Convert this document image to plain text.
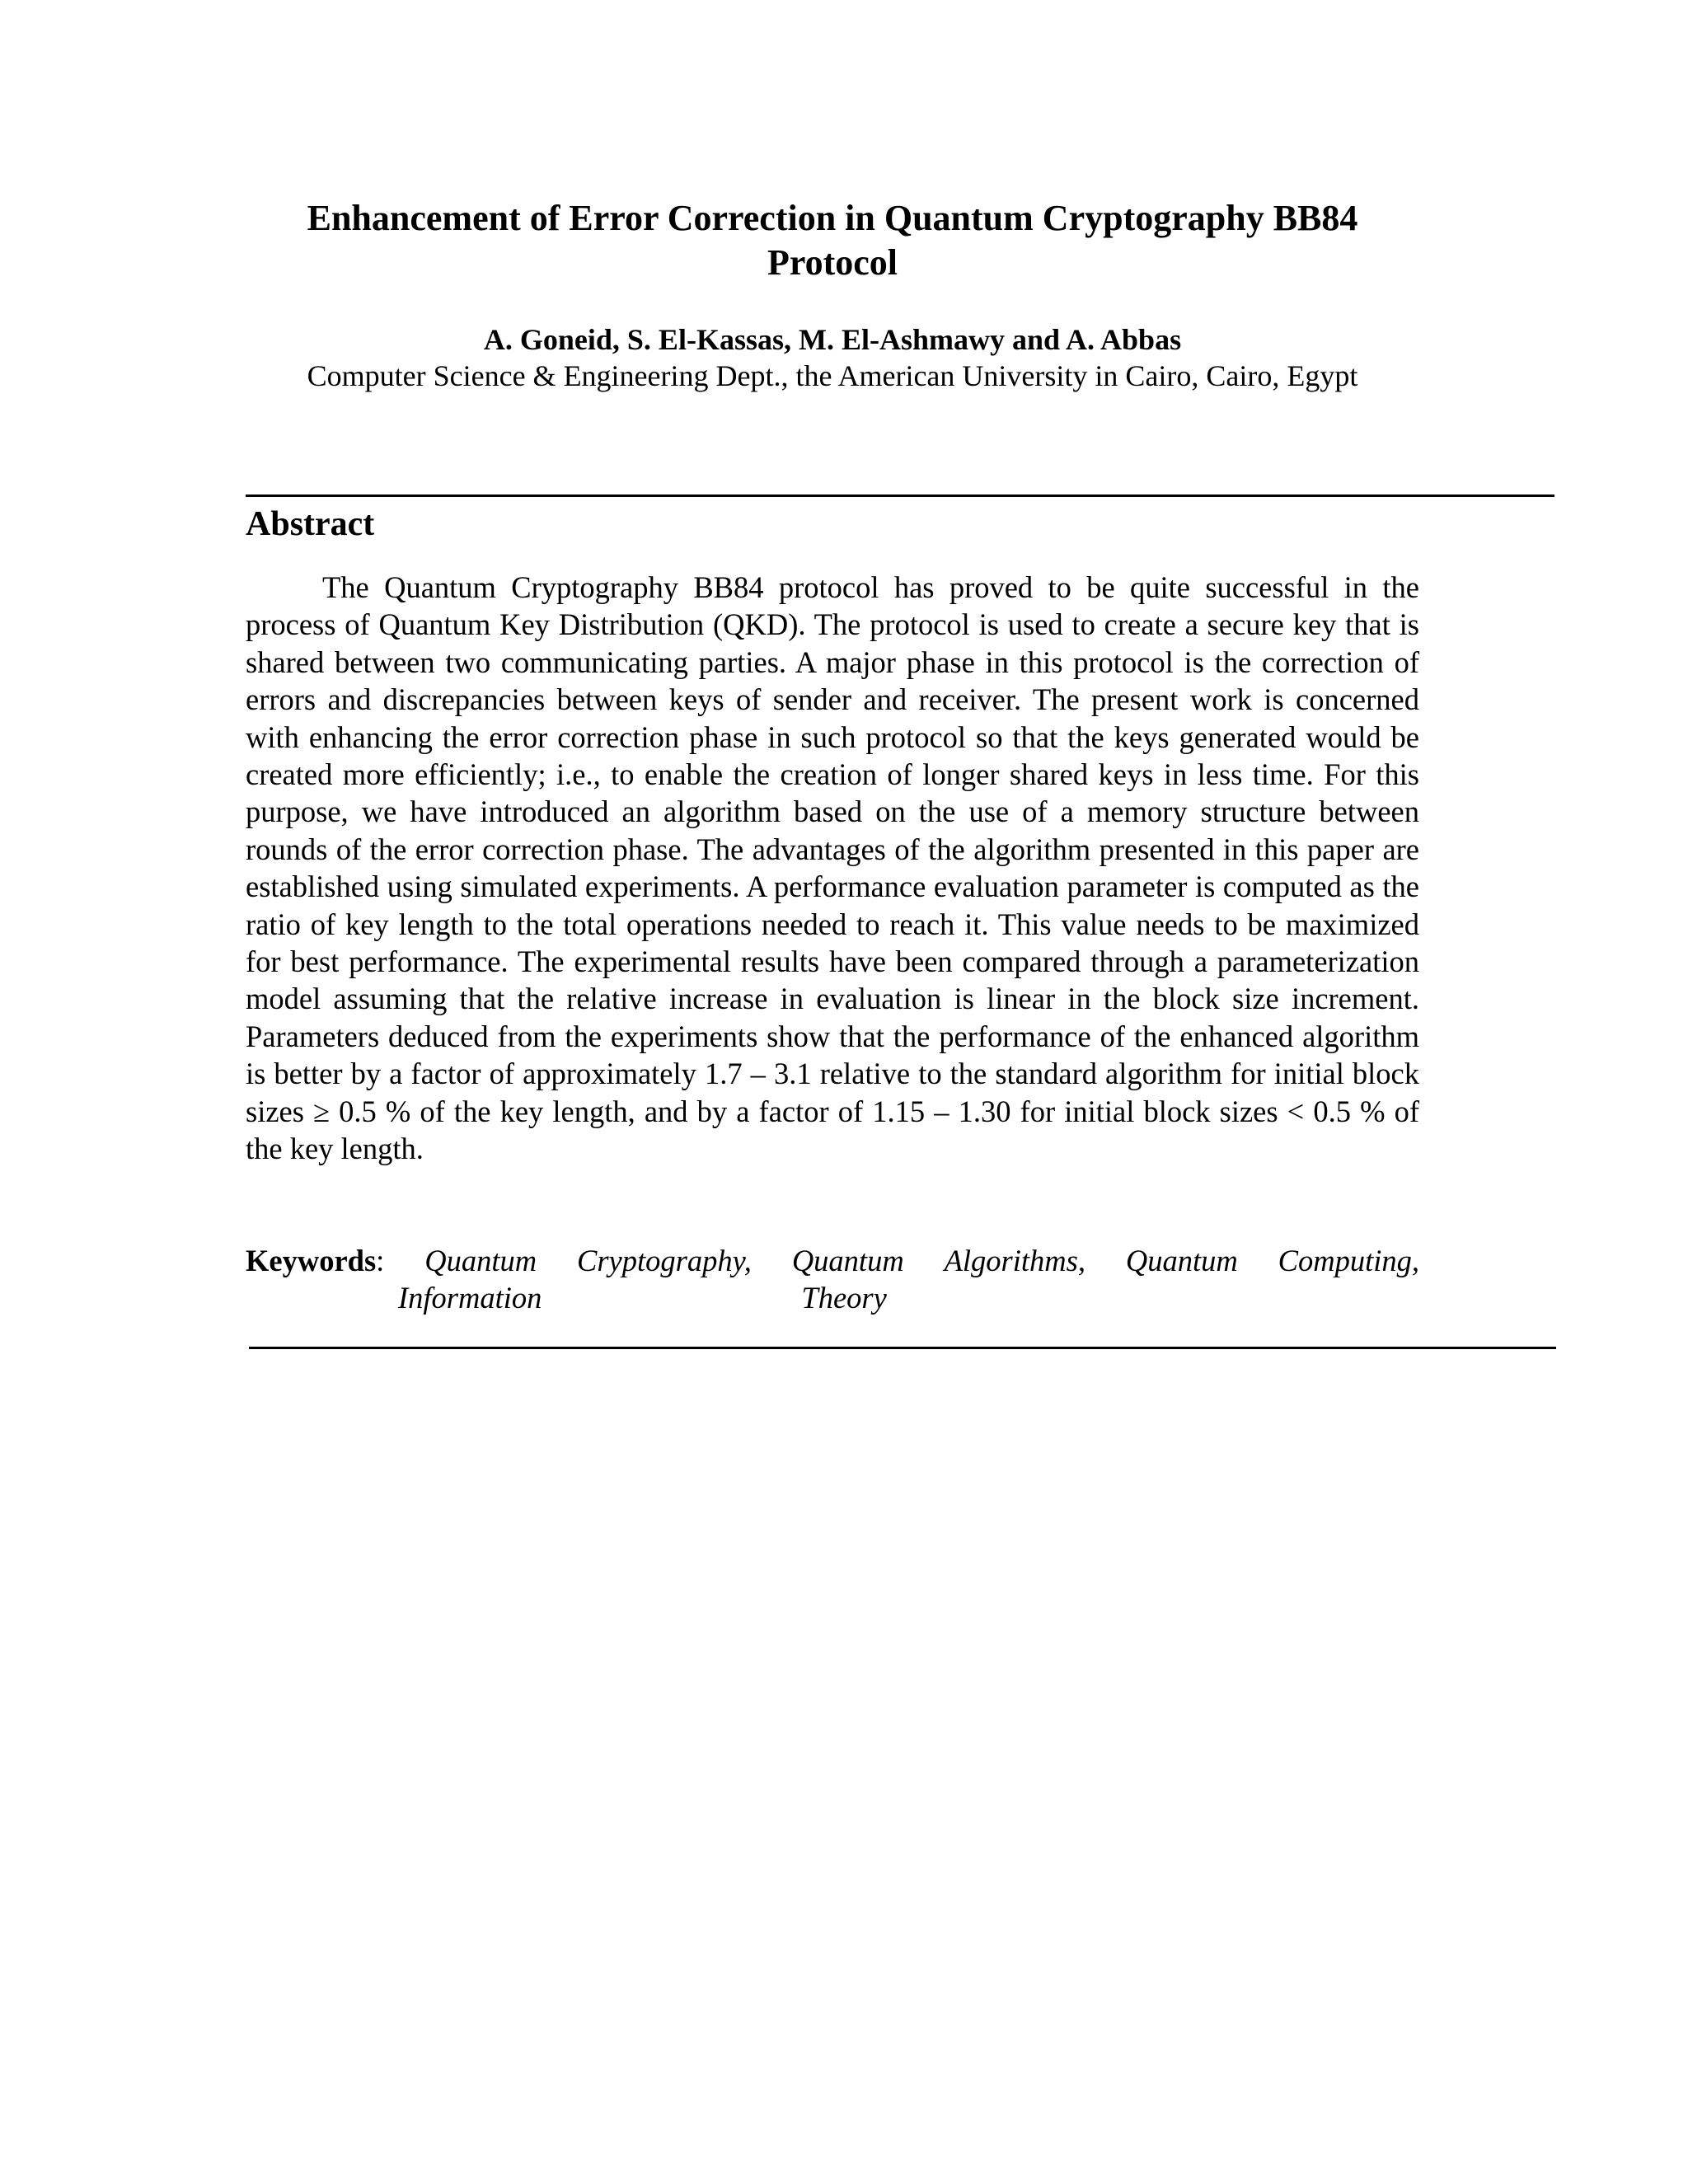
Enhancement of Error Correction in Quantum Cryptography BB84 Protocol

A. Goneid, S. El-Kassas, M. El-Ashmawy and A. Abbas

Computer Science & Engineering Dept., the American University in Cairo, Cairo, Egypt

Abstract

The Quantum Cryptography BB84 protocol has proved to be quite successful in the process of Quantum Key Distribution (QKD). The protocol is used to create a secure key that is shared between two communicating parties. A major phase in this protocol is the correction of errors and discrepancies between keys of sender and receiver. The present work is concerned with enhancing the error correction phase in such protocol so that the keys generated would be created more efficiently; i.e., to enable the creation of longer shared keys in less time. For this purpose, we have introduced an algorithm based on the use of a memory structure between rounds of the error correction phase. The advantages of the algorithm presented in this paper are established using simulated experiments. A performance evaluation parameter is computed as the ratio of key length to the total operations needed to reach it. This value needs to be maximized for best performance. The experimental results have been compared through a parameterization model assuming that the relative increase in evaluation is linear in the block size increment. Parameters deduced from the experiments show that the performance of the enhanced algorithm is better by a factor of approximately 1.7 – 3.1 relative to the standard algorithm for initial block sizes ≥ 0.5 % of the key length, and by a factor of 1.15 – 1.30 for initial block sizes < 0.5 % of the key length.

Keywords: Quantum Cryptography, Quantum Algorithms, Quantum Computing,
Information	Theory
